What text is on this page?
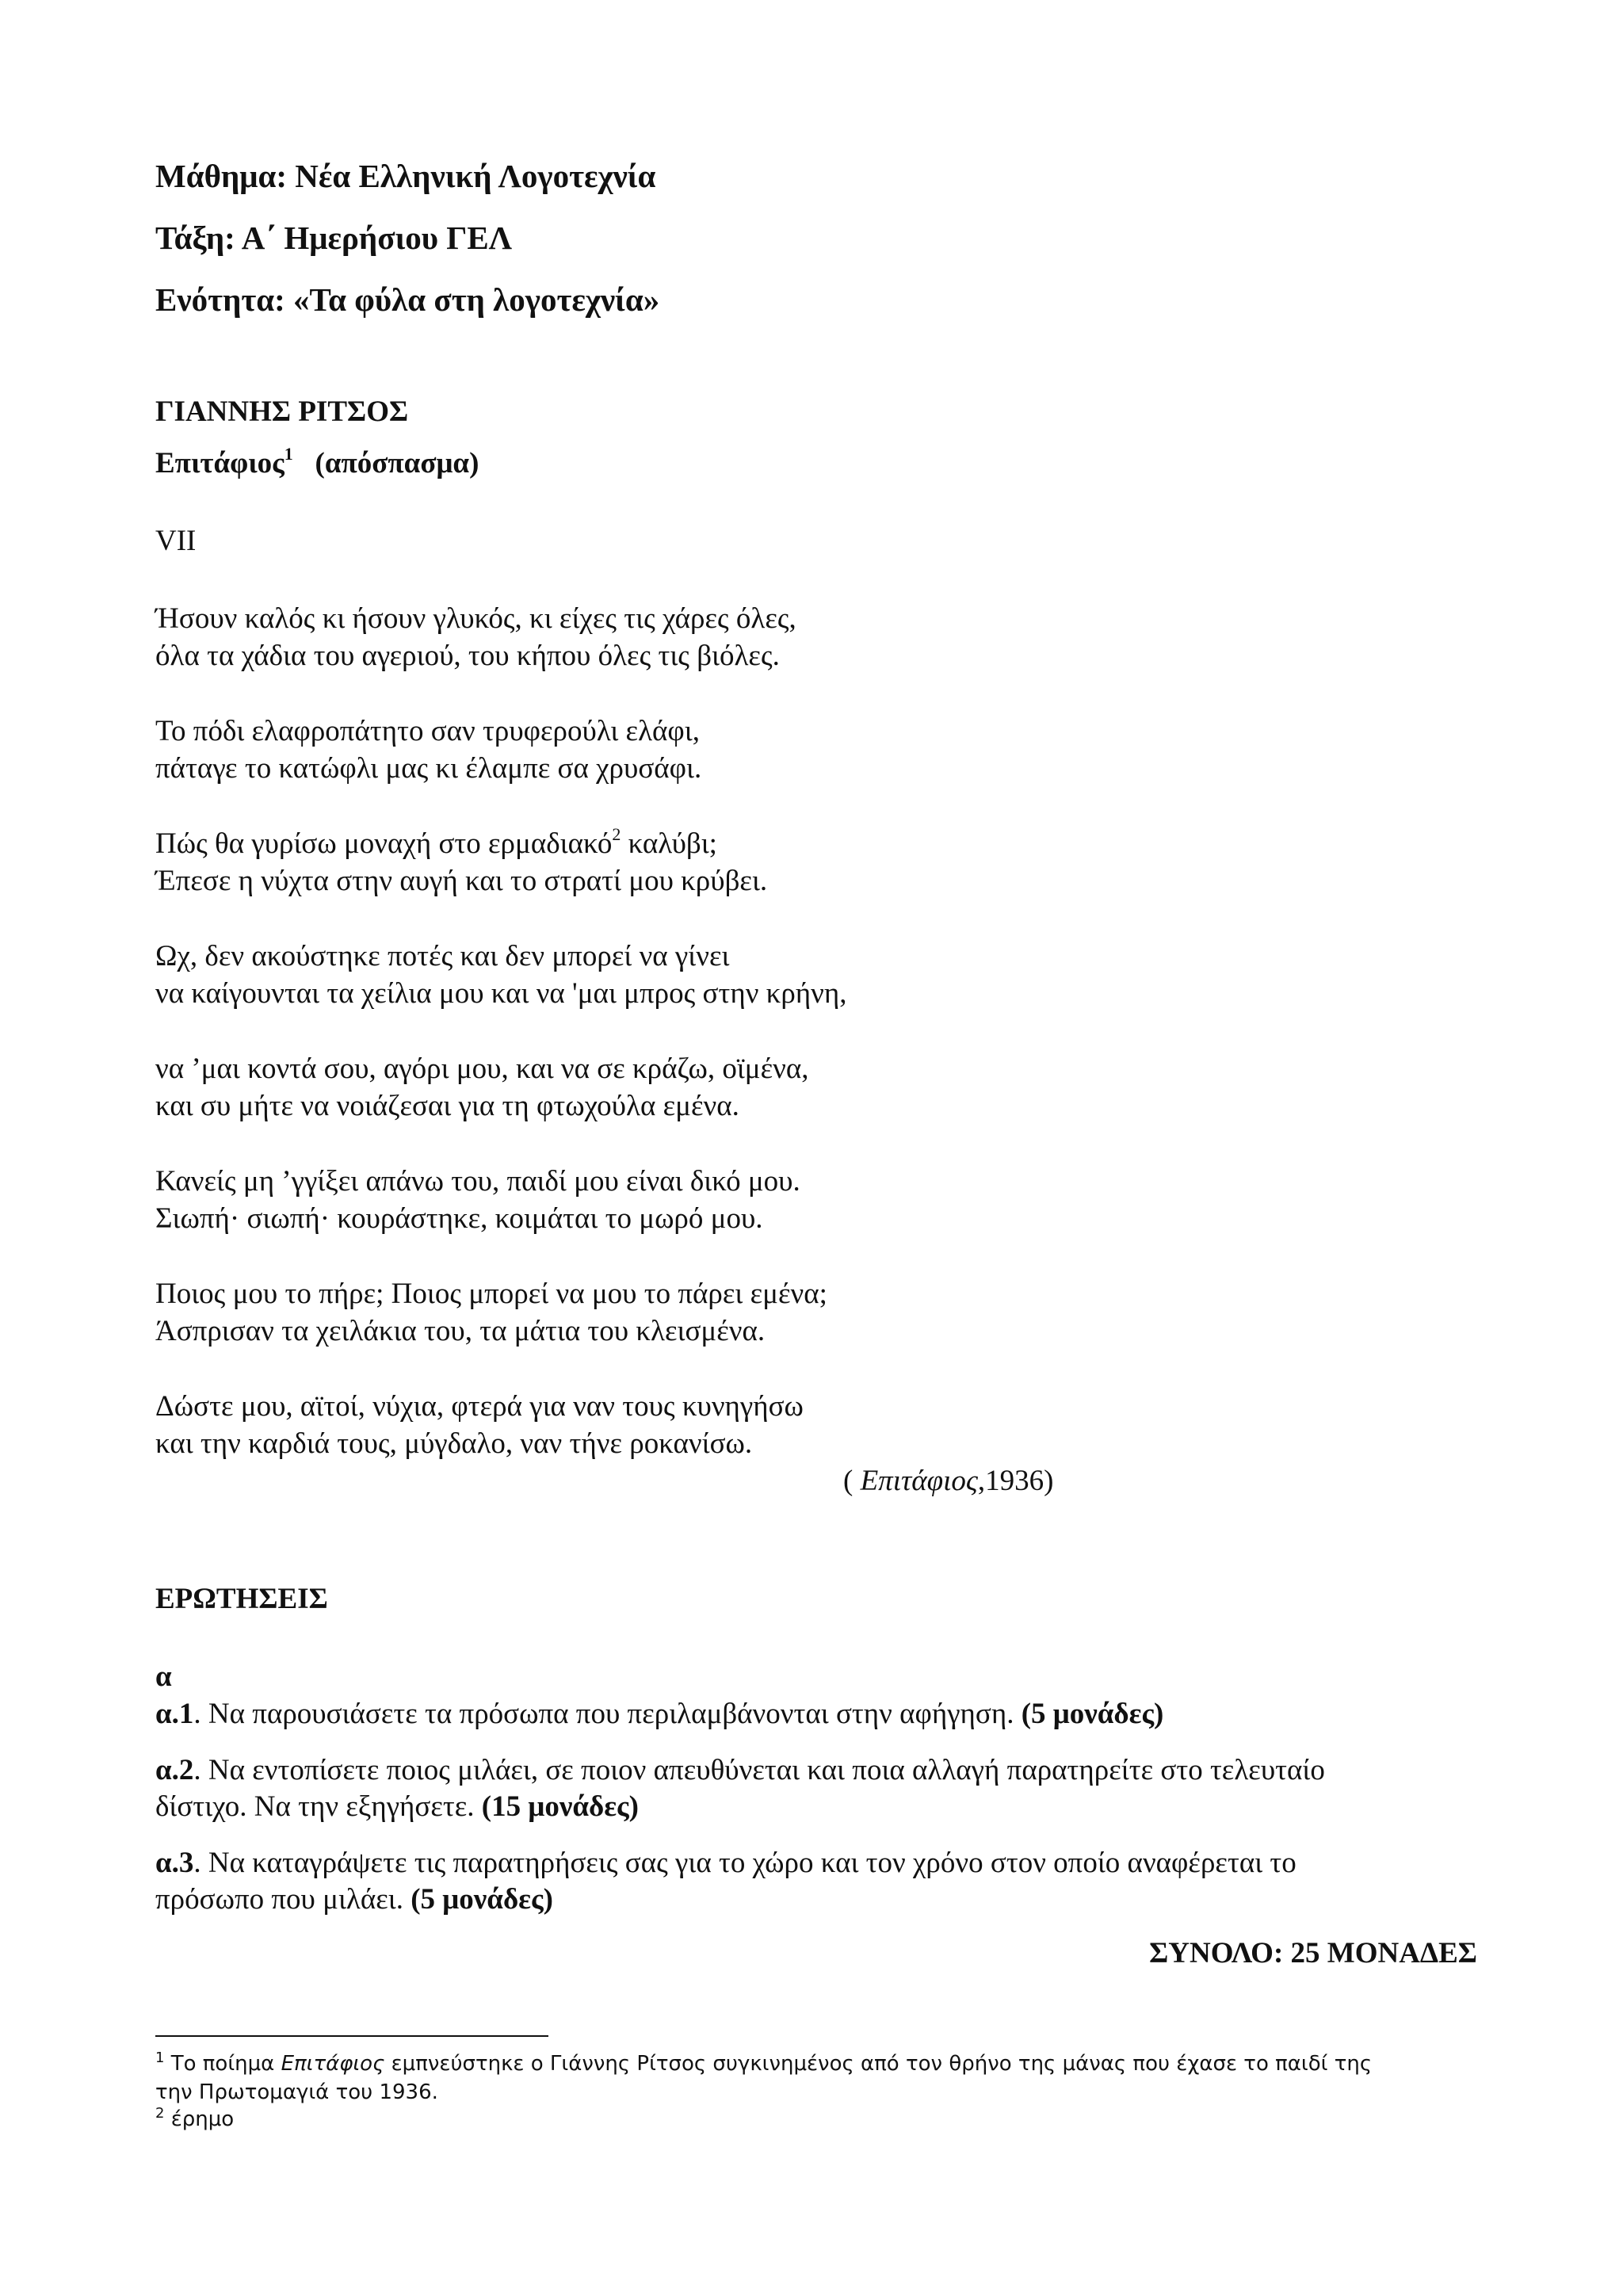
Μάθημα: Νέα Ελληνική Λογοτεχνία
Τάξη: Α΄ Ημερήσιου ΓΕΛ
Ενότητα: «Τα φύλα στη λογοτεχνία»
ΓΙΑΝΝΗΣ ΡΙΤΣΟΣ
Επιτάφιος$^1$ (απόσπασμα)
VII
Ήσουν καλός κι ήσουν γλυκός, κι είχες τις χάρες όλες,
όλα τα χάδια του αγεριού, του κήπου όλες τις βιόλες.
Το πόδι ελαφροπάτητο σαν τρυφερούλι ελάφι,
πάταγε το κατώφλι μας κι έλαμπε σα χρυσάφι.
Πώς θα γυρίσω μοναχή στο ερμαδιακό$^2$ καλύβι;
Έπεσε η νύχτα στην αυγή και το στρατί μου κρύβει.
Ωχ, δεν ακούστηκε ποτές και δεν μπορεί να γίνει
να καίγουνται τα χείλια μου και να 'μαι μπρος στην κρήνη,
να ’μαι κοντά σου, αγόρι μου, και να σε κράζω, οϊμένα,
και συ μήτε να νοιάζεσαι για τη φτωχούλα εμένα.
Κανείς μη ’γγίξει απάνω του, παιδί μου είναι δικό μου.
Σιωπή· σιωπή· κουράστηκε, κοιμάται το μωρό μου.
Ποιος μου το πήρε; Ποιος μπορεί να μου το πάρει εμένα;
Άσπρισαν τα χειλάκια του, τα μάτια του κλεισμένα.
Δώστε μου, αϊτοί, νύχια, φτερά για ναν τους κυνηγήσω
και την καρδιά τους, μύγδαλο, ναν τήνε ροκανίσω.
( Επιτάφιος,1936)
ΕΡΩΤΗΣΕΙΣ
α
α.1. Να παρουσιάσετε τα πρόσωπα που περιλαμβάνονται στην αφήγηση. (5 μονάδες)
α.2. Να εντοπίσετε ποιος μιλάει, σε ποιον απευθύνεται και ποια αλλαγή παρατηρείτε στο τελευταίο
δίστιχο. Να την εξηγήσετε. (15 μονάδες)
α.3. Να καταγράψετε τις παρατηρήσεις σας για το χώρο και τον χρόνο στον οποίο αναφέρεται το
πρόσωπο που μιλάει. (5 μονάδες)
ΣΥΝΟΛΟ: 25 ΜΟΝΑΔΕΣ
$^1$ Το ποίημα Επιτάφιος εμπνεύστηκε ο Γιάννης Ρίτσος συγκινημένος από τον θρήνο της μάνας που έχασε το παιδί της
την Πρωτομαγιά του 1936.
$^2$ έρημο
